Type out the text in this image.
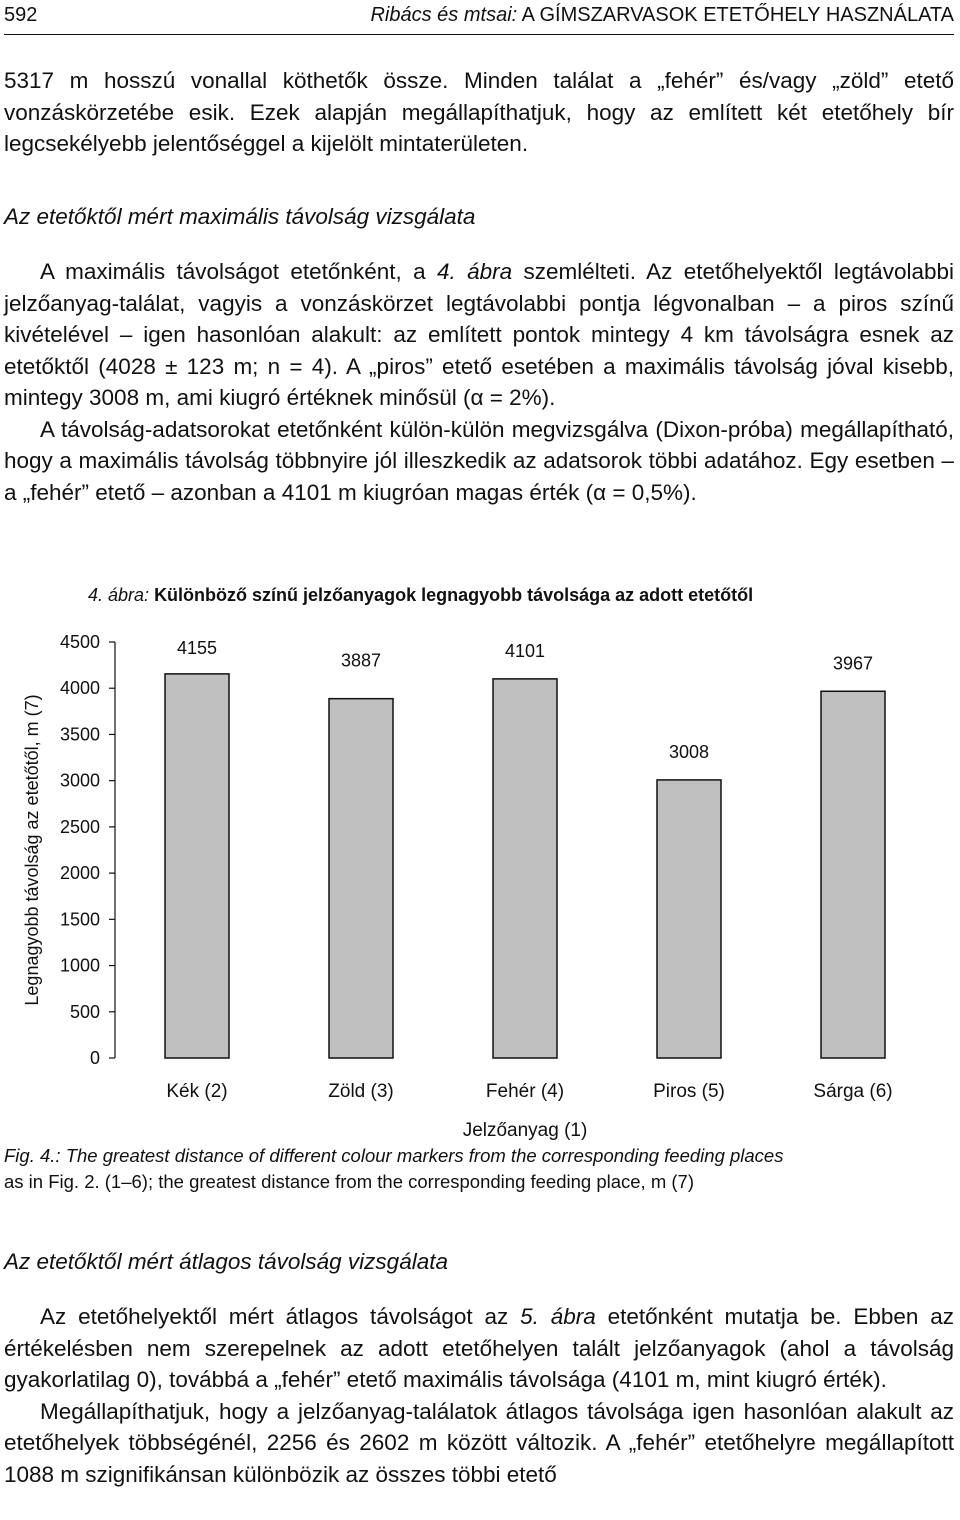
592	Ribács és mtsai: A GÍMSZARVASOK ETETŐHELY HASZNÁLATA

5317 m hosszú vonallal köthetők össze. Minden találat a „fehér” és/vagy „zöld” etető vonzáskörzetébe esik. Ezek alapján megállapíthatjuk, hogy az említett két etetőhely bír legcsekélyebb jelentőséggel a kijelölt mintaterületen.

Az etetőktől mért maximális távolság vizsgálata

A maximális távolságot etetőnként, a 4. ábra szemlélteti. Az etetőhelyektől legtávolabbi jelzőanyag-találat, vagyis a vonzáskörzet legtávolabbi pontja légvonalban – a piros színű kivételével – igen hasonlóan alakult: az említett pontok mintegy 4 km távolságra esnek az etetőktől (4028 ± 123 m; n = 4). A „piros” etető esetében a maximális távolság jóval kisebb, mintegy 3008 m, ami kiugró értéknek minősül (α = 2%).

A távolság-adatsorokat etetőnként külön-külön megvizsgálva (Dixon-próba) megállapítható, hogy a maximális távolság többnyire jól illeszkedik az adatsorok többi adatához. Egy esetben – a „fehér” etető – azonban a 4101 m kiugróan magas érték (α = 0,5%).

4. ábra: Különböző színű jelzőanyagok legnagyobb távolsága az adott etetőtől
0
500
1000
1500
2000
2500
3000
3500
4000
4500	4155
Kék (2)
3887
Zöld (3)
4101
Fehér (4)
3008
Piros (5)
3967
Sárga (6)
Legnagyobb távolság az etetőtől, m (7)
Jelzőanyag (1)
Fig. 4.: The greatest distance of different colour markers from the corresponding feeding places
as in Fig. 2. (1–6); the greatest distance from the corresponding feeding place, m (7)
Az etetőktől mért átlagos távolság vizsgálata

Az etetőhelyektől mért átlagos távolságot az 5. ábra etetőnként mutatja be. Ebben az értékelésben nem szerepelnek az adott etetőhelyen talált jelzőanyagok (ahol a távolság gyakorlatilag 0), továbbá a „fehér” etető maximális távolsága (4101 m, mint kiugró érték).

Megállapíthatjuk, hogy a jelzőanyag-találatok átlagos távolsága igen hasonlóan alakult az etetőhelyek többségénél, 2256 és 2602 m között változik. A „fehér” etetőhelyre megállapított 1088 m szignifikánsan különbözik az összes többi etető
